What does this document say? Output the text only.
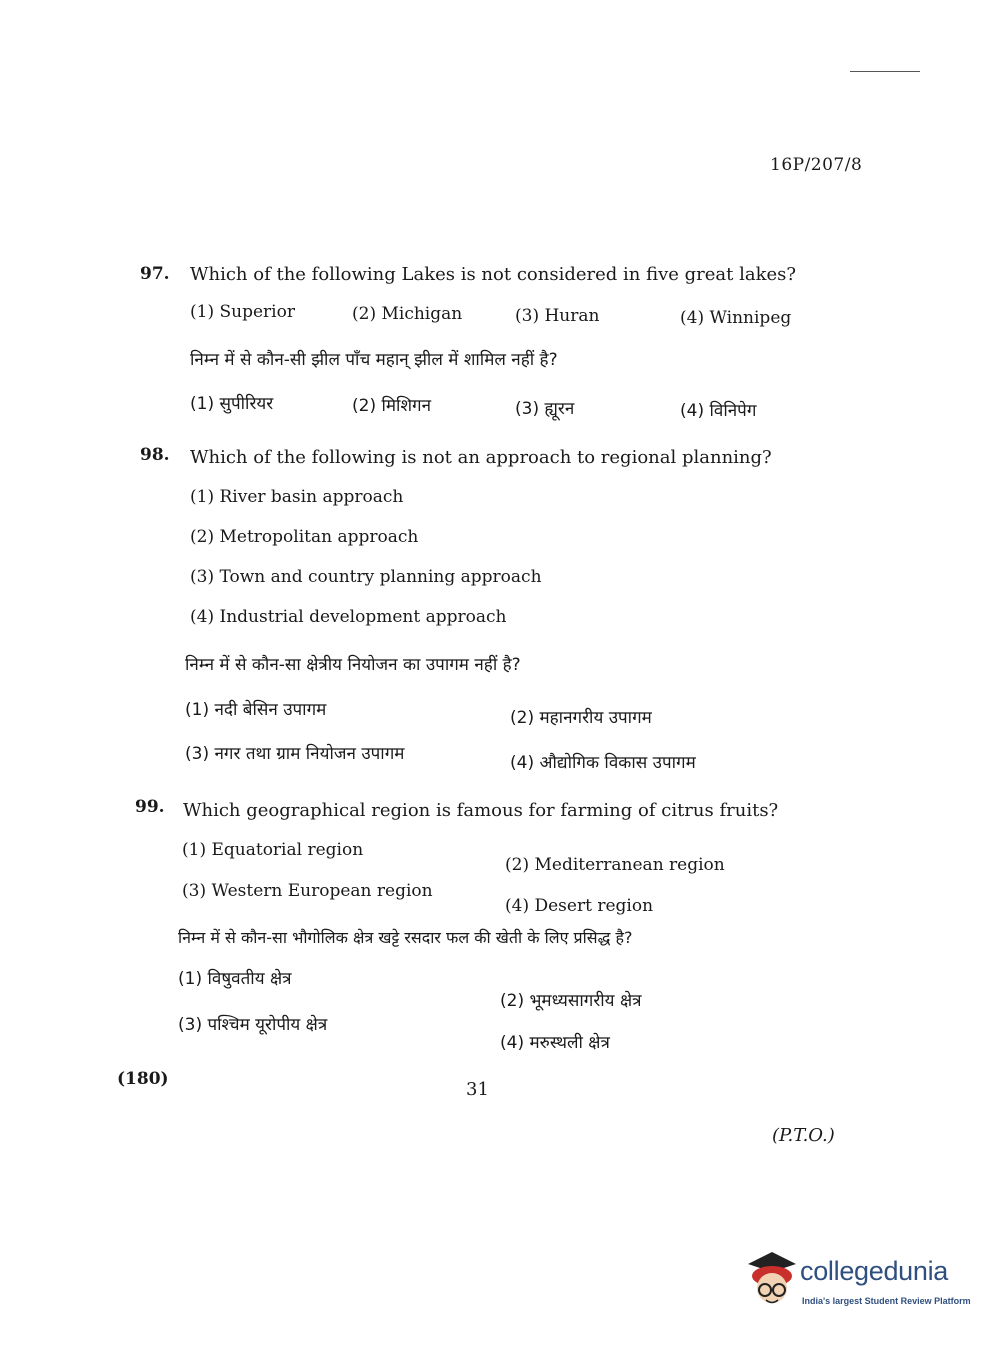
16P/207/8
97. Which of the following Lakes is not considered in five great lakes?
(1) Superior	(2) Michigan	(3) Huran	(4) Winnipeg
निम्न में से कौन-सी झील पाँच महान् झील में शामिल नहीं है?
(1) सुपीरियर	(2) मिशिगन	(3) ह्यूरन	(4) विनिपेग
98. Which of the following is not an approach to regional planning?
(1) River basin approach
(2) Metropolitan approach
(3) Town and country planning approach
(4) Industrial development approach
निम्न में से कौन-सा क्षेत्रीय नियोजन का उपागम नहीं है?
(1) नदी बेसिन उपागम	(2) महानगरीय उपागम
(3) नगर तथा ग्राम नियोजन उपागम	(4) औद्योगिक विकास उपागम
99. Which geographical region is famous for farming of citrus fruits?
(1) Equatorial region
(2) Mediterranean region
(3) Western European region
(4) Desert region
निम्न में से कौन-सा भौगोलिक क्षेत्र खट्टे रसदार फल की खेती के लिए प्रसिद्ध है?
(1) विषुवतीय क्षेत्र
(2) भूमध्यसागरीय क्षेत्र
(3) पश्चिम यूरोपीय क्षेत्र
(4) मरुस्थली क्षेत्र
(180)	31
(P.T.O.)
collegedunia
India's largest Student Review Platform
